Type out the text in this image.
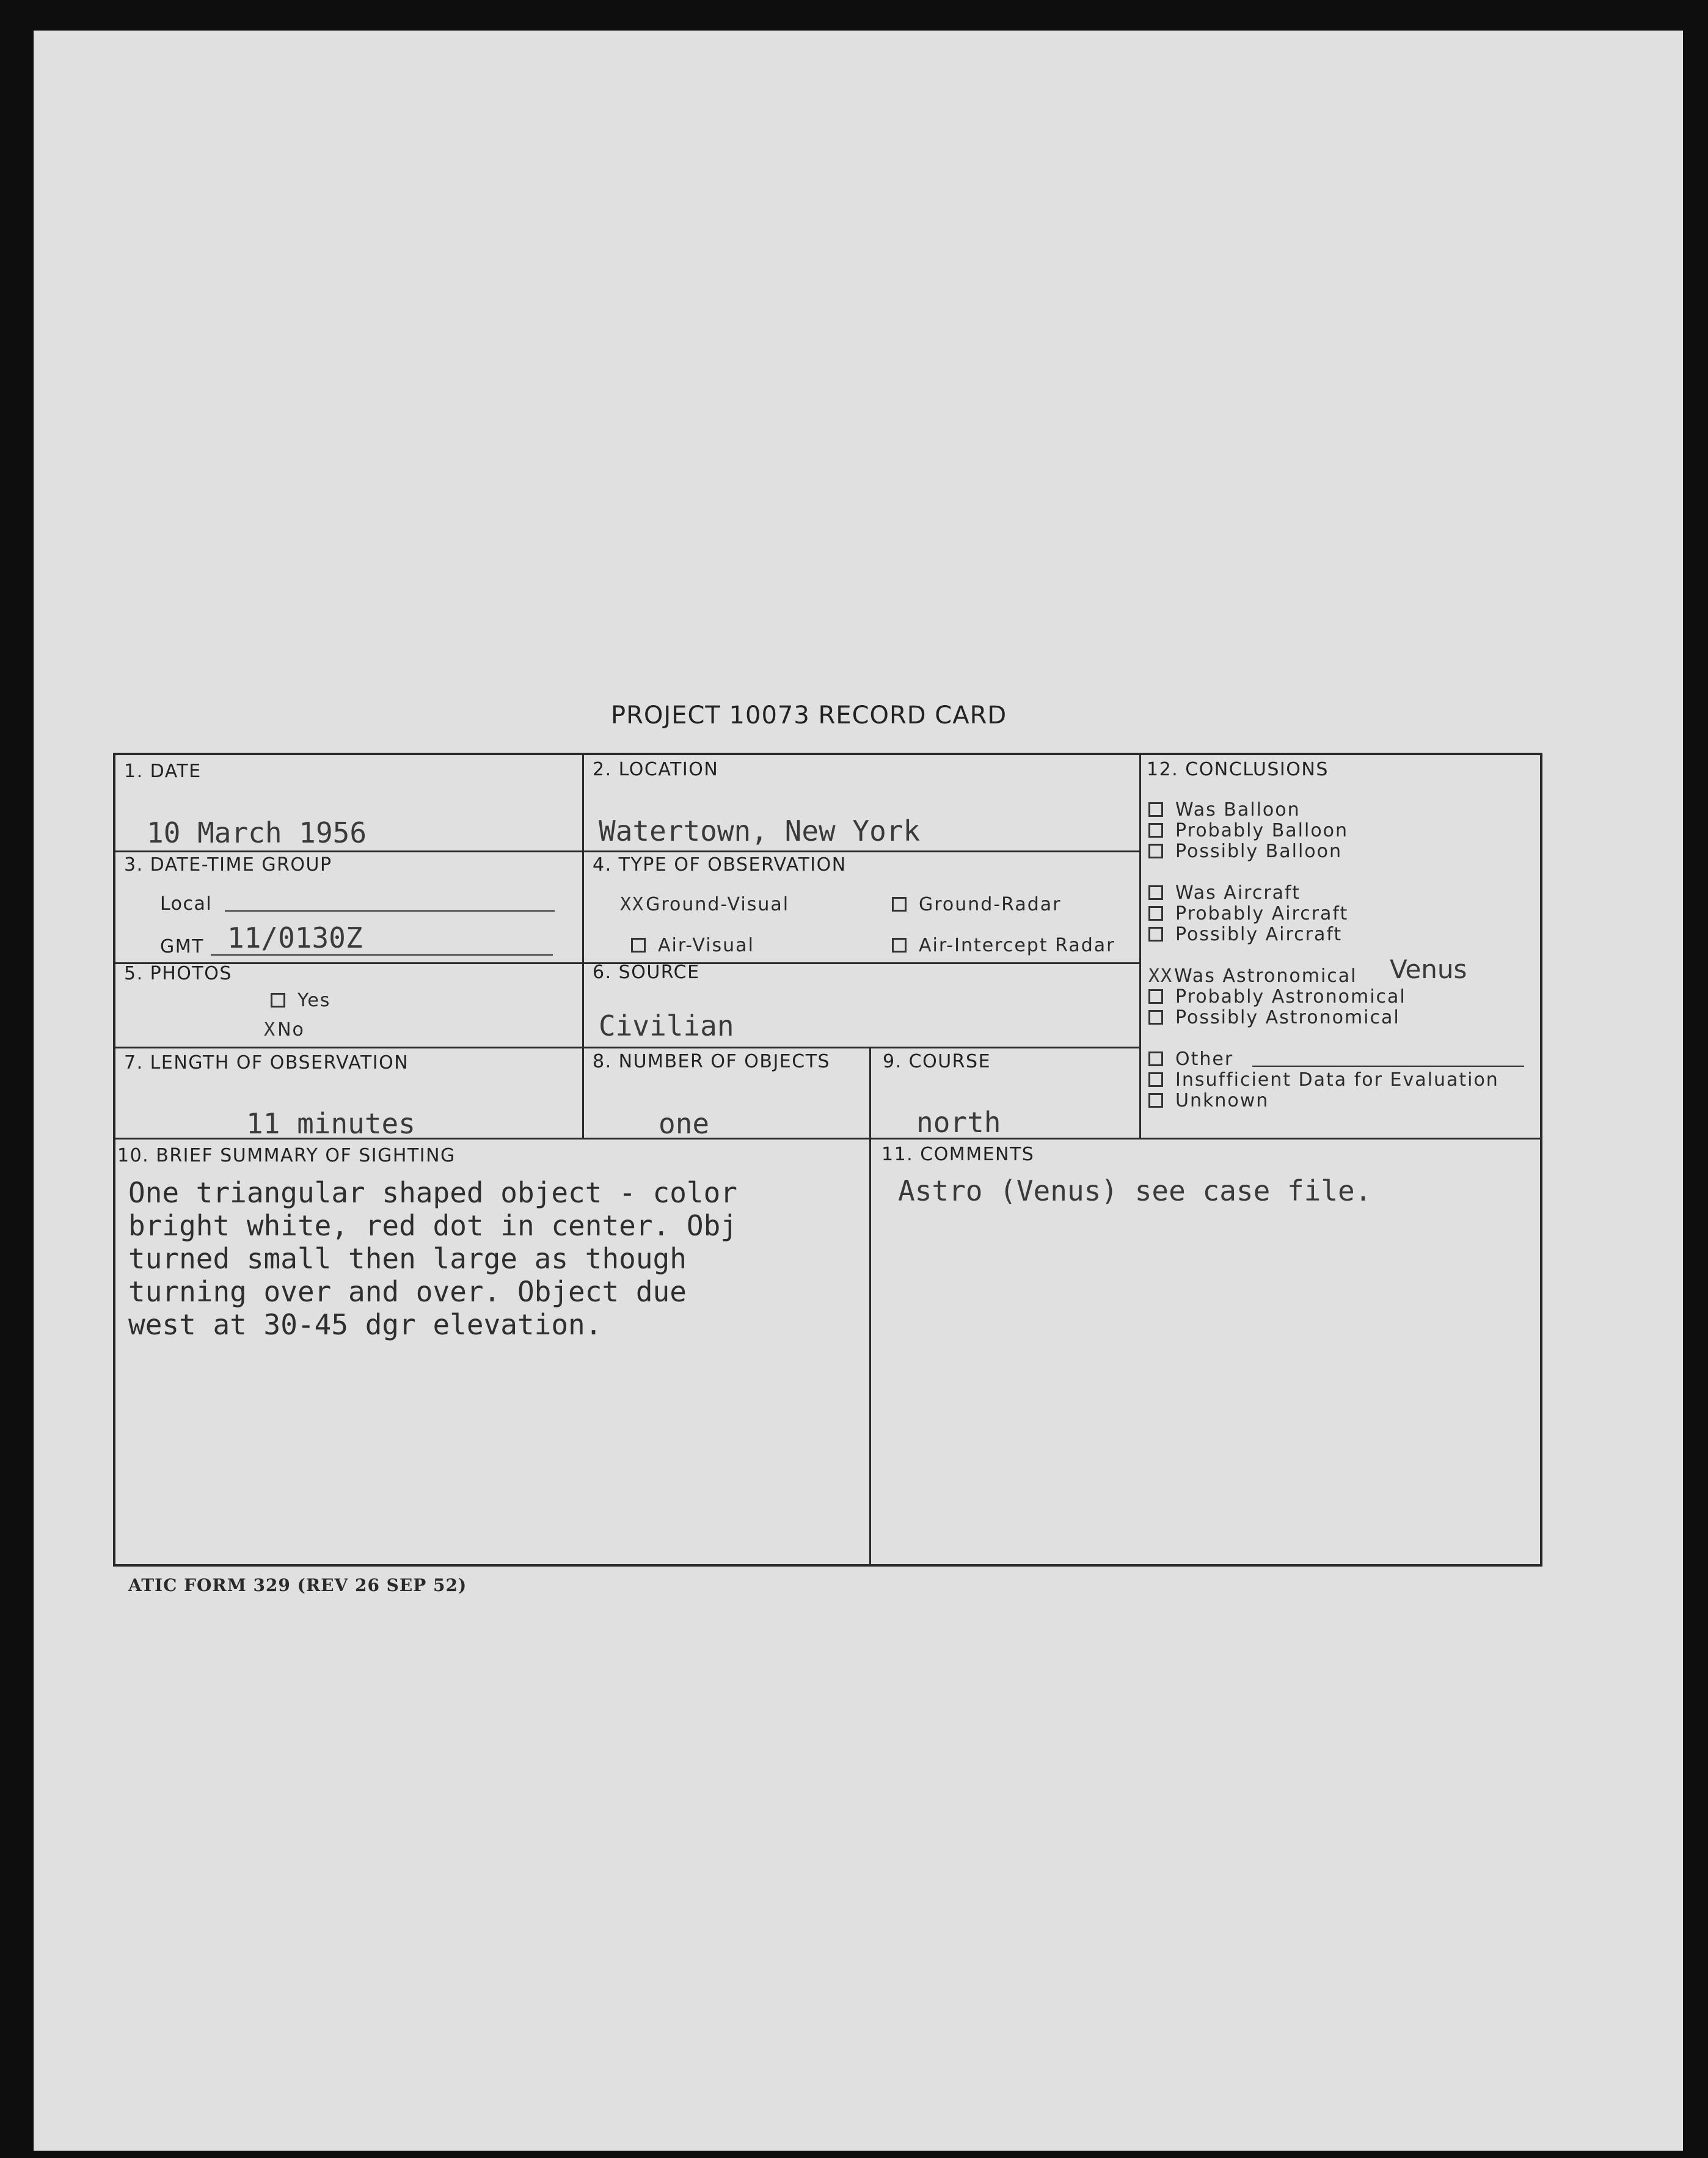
PROJECT 10073 RECORD CARD
1. DATE
10 March 1956
2. LOCATION
Watertown, New York
3. DATE-TIME GROUP
Local
GMT 11/0130Z
4. TYPE OF OBSERVATION
XXGround-Visual	Ground-Radar
Air-Visual	Air-Intercept Radar
5. PHOTOS
Yes
XNo
6. SOURCE
Civilian
7. LENGTH OF OBSERVATION
11 minutes
8. NUMBER OF OBJECTS
one
9. COURSE
north
10. BRIEF SUMMARY OF SIGHTING
One triangular shaped object - color
bright white, red dot in center. Obj
turned small then large as though
turning over and over. Object due
west at 30-45 dgr elevation.
11. COMMENTS
Astro (Venus) see case file.
12. CONCLUSIONS
Was Balloon
Probably Balloon
Possibly Balloon
Was Aircraft
Probably Aircraft
Possibly Aircraft
XXWas Astronomical Venus
Probably Astronomical
Possibly Astronomical
Other
Insufficient Data for Evaluation
Unknown
ATIC FORM 329 (REV 26 SEP 52)
